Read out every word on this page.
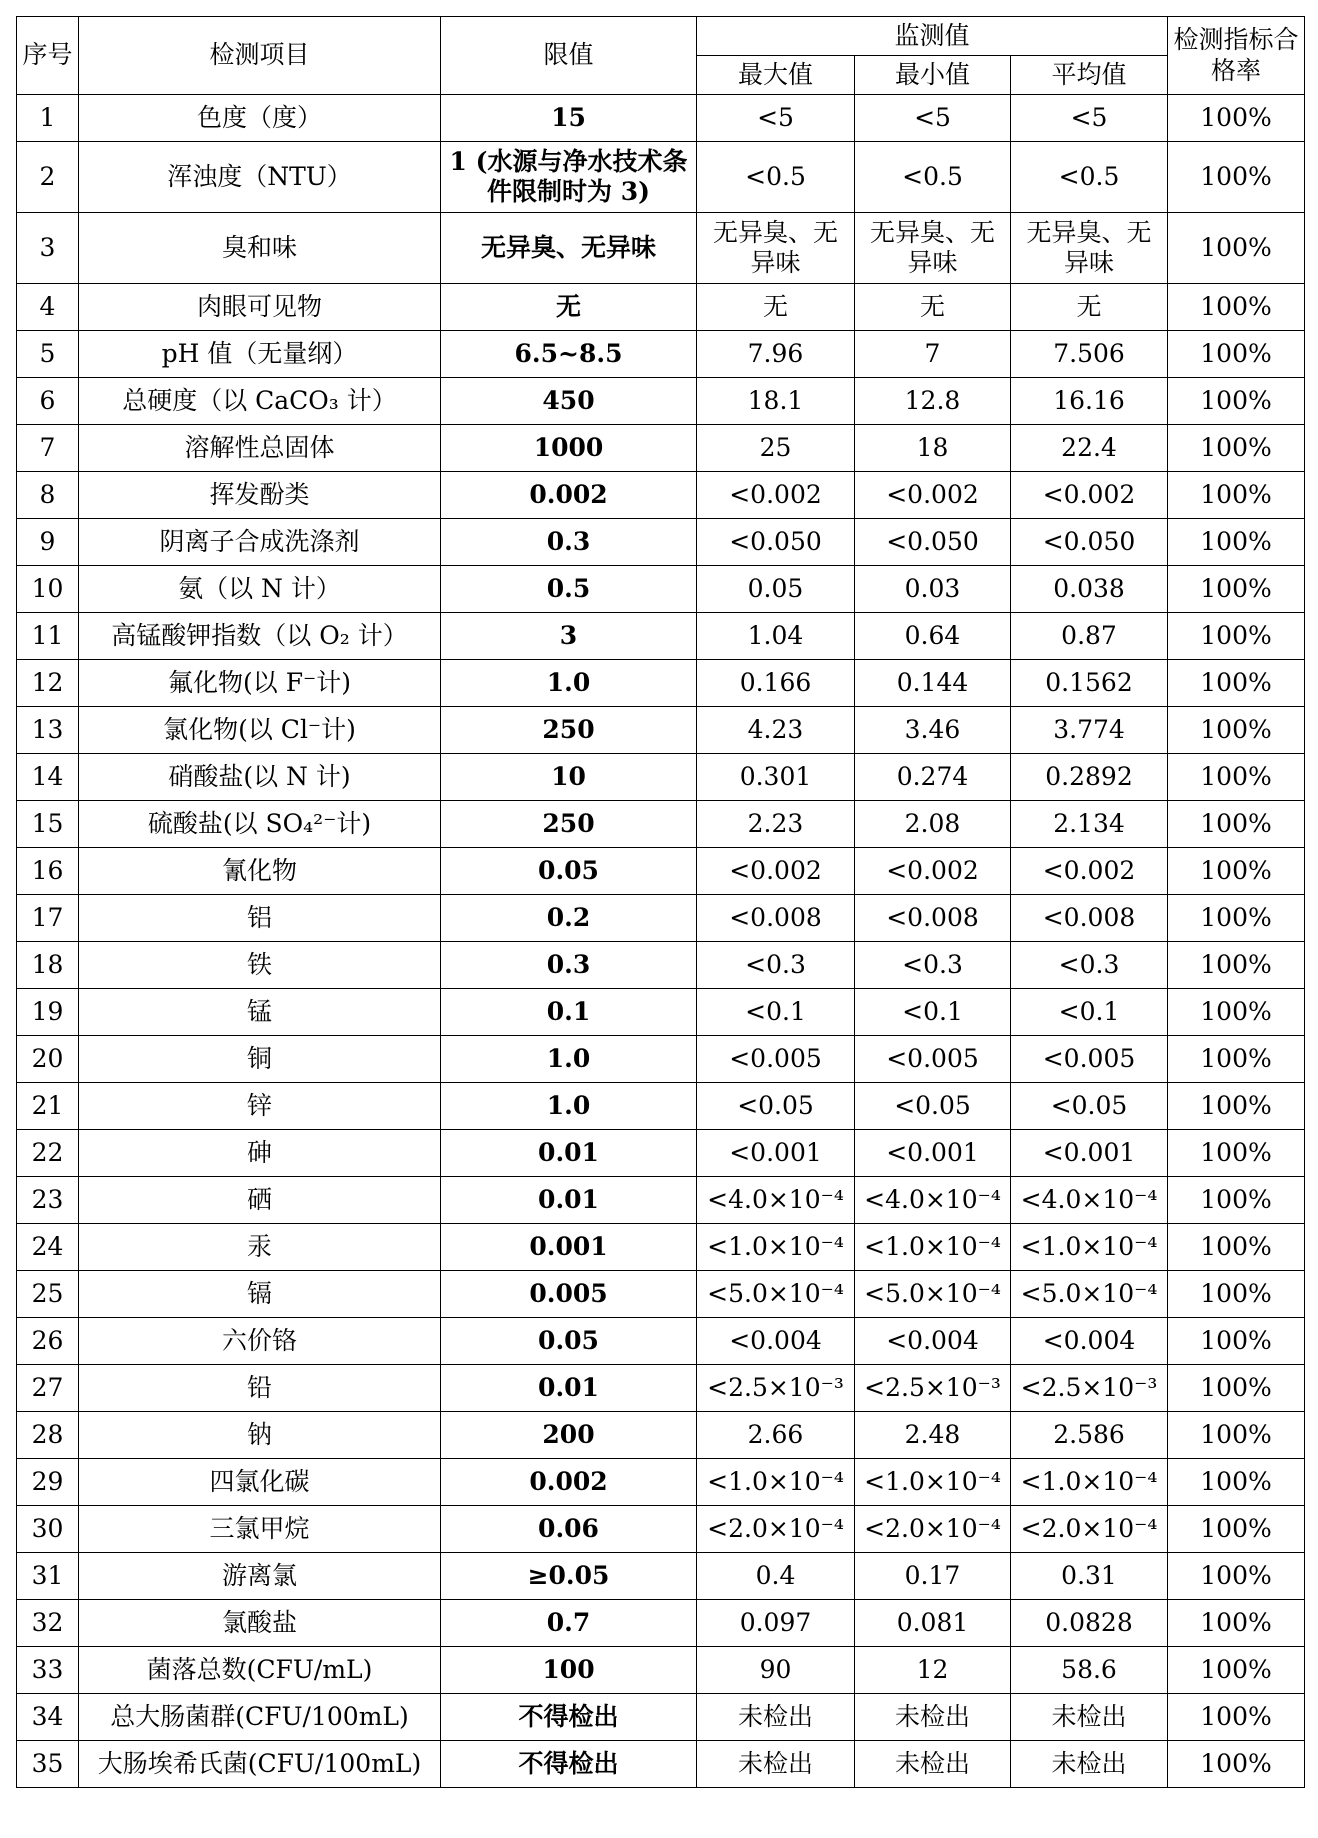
序号	检测项目	限值	监测值			检测指标合格率
			最大值	最小值	平均值	
1	色度（度）	15	<5	<5	<5	100%
2	浑浊度（NTU）	1 (水源与净水技术条件限制时为 3)	<0.5	<0.5	<0.5	100%
3	臭和味	无异臭、无异味	无异臭、无异味	无异臭、无异味	无异臭、无异味	100%
4	肉眼可见物	无	无	无	无	100%
5	pH 值（无量纲）	6.5~8.5	7.96	7	7.506	100%
6	总硬度（以 CaCO₃ 计）	450	18.1	12.8	16.16	100%
7	溶解性总固体	1000	25	18	22.4	100%
8	挥发酚类	0.002	<0.002	<0.002	<0.002	100%
9	阴离子合成洗涤剂	0.3	<0.050	<0.050	<0.050	100%
10	氨（以 N 计）	0.5	0.05	0.03	0.038	100%
11	高锰酸钾指数（以 O₂ 计）	3	1.04	0.64	0.87	100%
12	氟化物(以 F⁻计)	1.0	0.166	0.144	0.1562	100%
13	氯化物(以 Cl⁻计)	250	4.23	3.46	3.774	100%
14	硝酸盐(以 N 计)	10	0.301	0.274	0.2892	100%
15	硫酸盐(以 SO₄²⁻计)	250	2.23	2.08	2.134	100%
16	氰化物	0.05	<0.002	<0.002	<0.002	100%
17	铝	0.2	<0.008	<0.008	<0.008	100%
18	铁	0.3	<0.3	<0.3	<0.3	100%
19	锰	0.1	<0.1	<0.1	<0.1	100%
20	铜	1.0	<0.005	<0.005	<0.005	100%
21	锌	1.0	<0.05	<0.05	<0.05	100%
22	砷	0.01	<0.001	<0.001	<0.001	100%
23	硒	0.01	<4.0×10⁻⁴	<4.0×10⁻⁴	<4.0×10⁻⁴	100%
24	汞	0.001	<1.0×10⁻⁴	<1.0×10⁻⁴	<1.0×10⁻⁴	100%
25	镉	0.005	<5.0×10⁻⁴	<5.0×10⁻⁴	<5.0×10⁻⁴	100%
26	六价铬	0.05	<0.004	<0.004	<0.004	100%
27	铅	0.01	<2.5×10⁻³	<2.5×10⁻³	<2.5×10⁻³	100%
28	钠	200	2.66	2.48	2.586	100%
29	四氯化碳	0.002	<1.0×10⁻⁴	<1.0×10⁻⁴	<1.0×10⁻⁴	100%
30	三氯甲烷	0.06	<2.0×10⁻⁴	<2.0×10⁻⁴	<2.0×10⁻⁴	100%
31	游离氯	≥0.05	0.4	0.17	0.31	100%
32	氯酸盐	0.7	0.097	0.081	0.0828	100%
33	菌落总数(CFU/mL)	100	90	12	58.6	100%
34	总大肠菌群(CFU/100mL)	不得检出	未检出	未检出	未检出	100%
35	大肠埃希氏菌(CFU/100mL)	不得检出	未检出	未检出	未检出	100%
